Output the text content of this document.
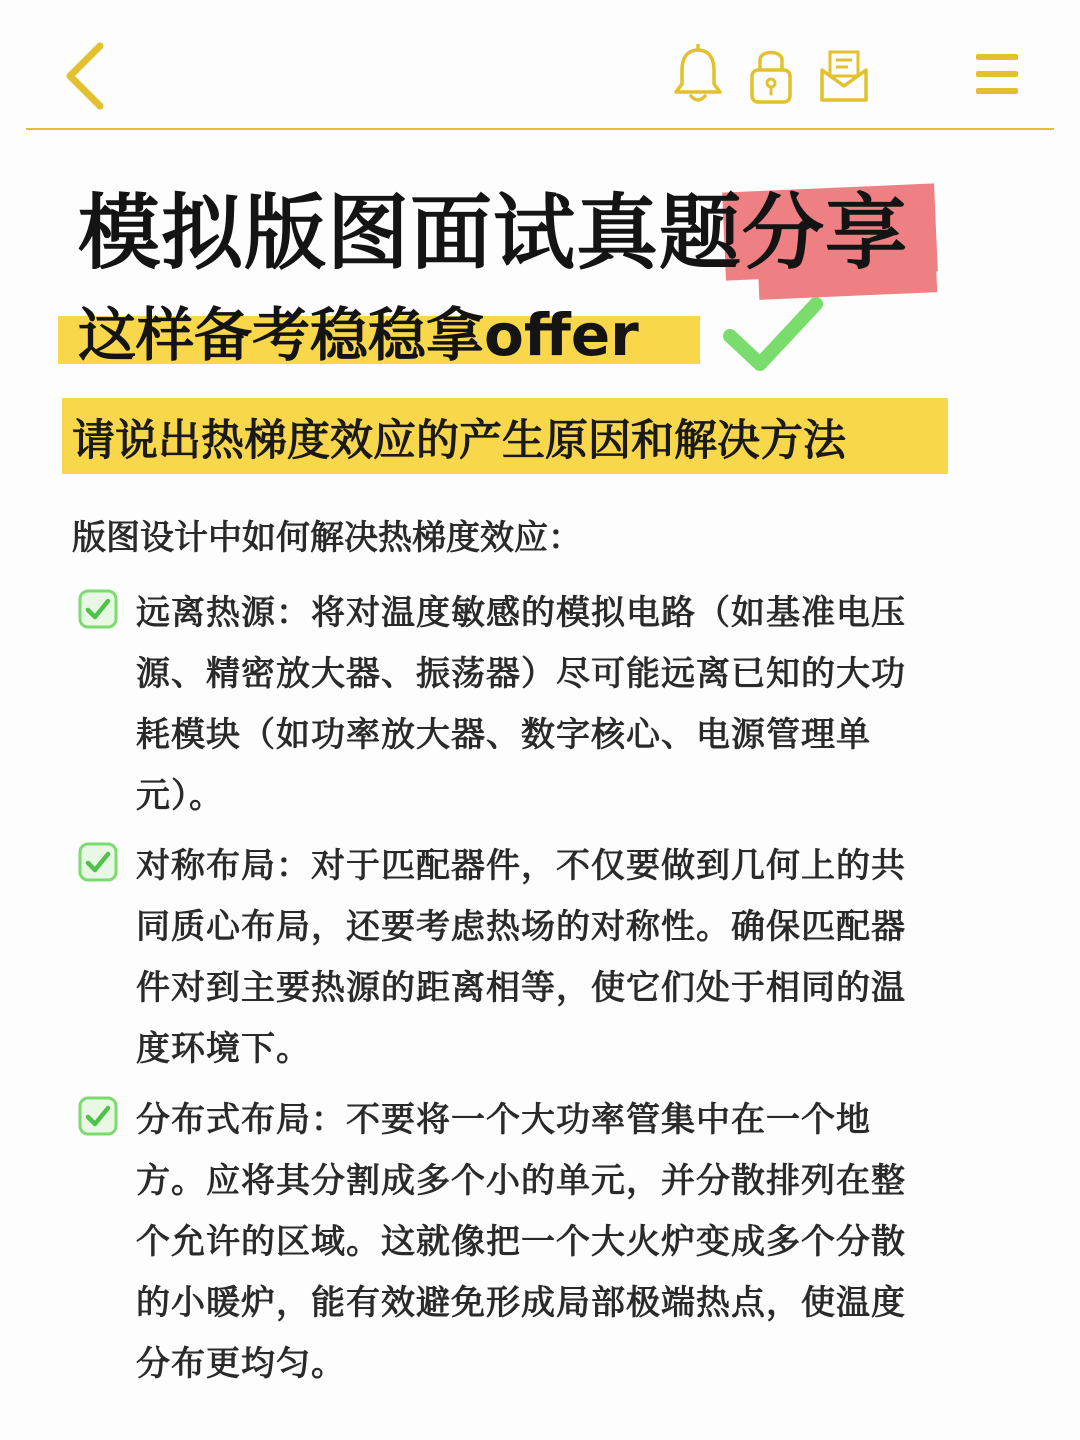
模拟版图面试真题分享
这样备考稳稳拿offer
请说出热梯度效应的产生原因和解决方法
版图设计中如何解决热梯度效应：

远离热源：将对温度敏感的模拟电路（如基准电压源、精密放大器、振荡器）尽可能远离已知的大功耗模块（如功率放大器、数字核心、电源管理单元）。

对称布局：对于匹配器件，不仅要做到几何上的共同质心布局，还要考虑热场的对称性。确保匹配器件对到主要热源的距离相等，使它们处于相同的温度环境下。

分布式布局：不要将一个大功率管集中在一个地方。应将其分割成多个小的单元，并分散排列在整个允许的区域。这就像把一个大火炉变成多个分散的小暖炉，能有效避免形成局部极端热点，使温度分布更均匀。
